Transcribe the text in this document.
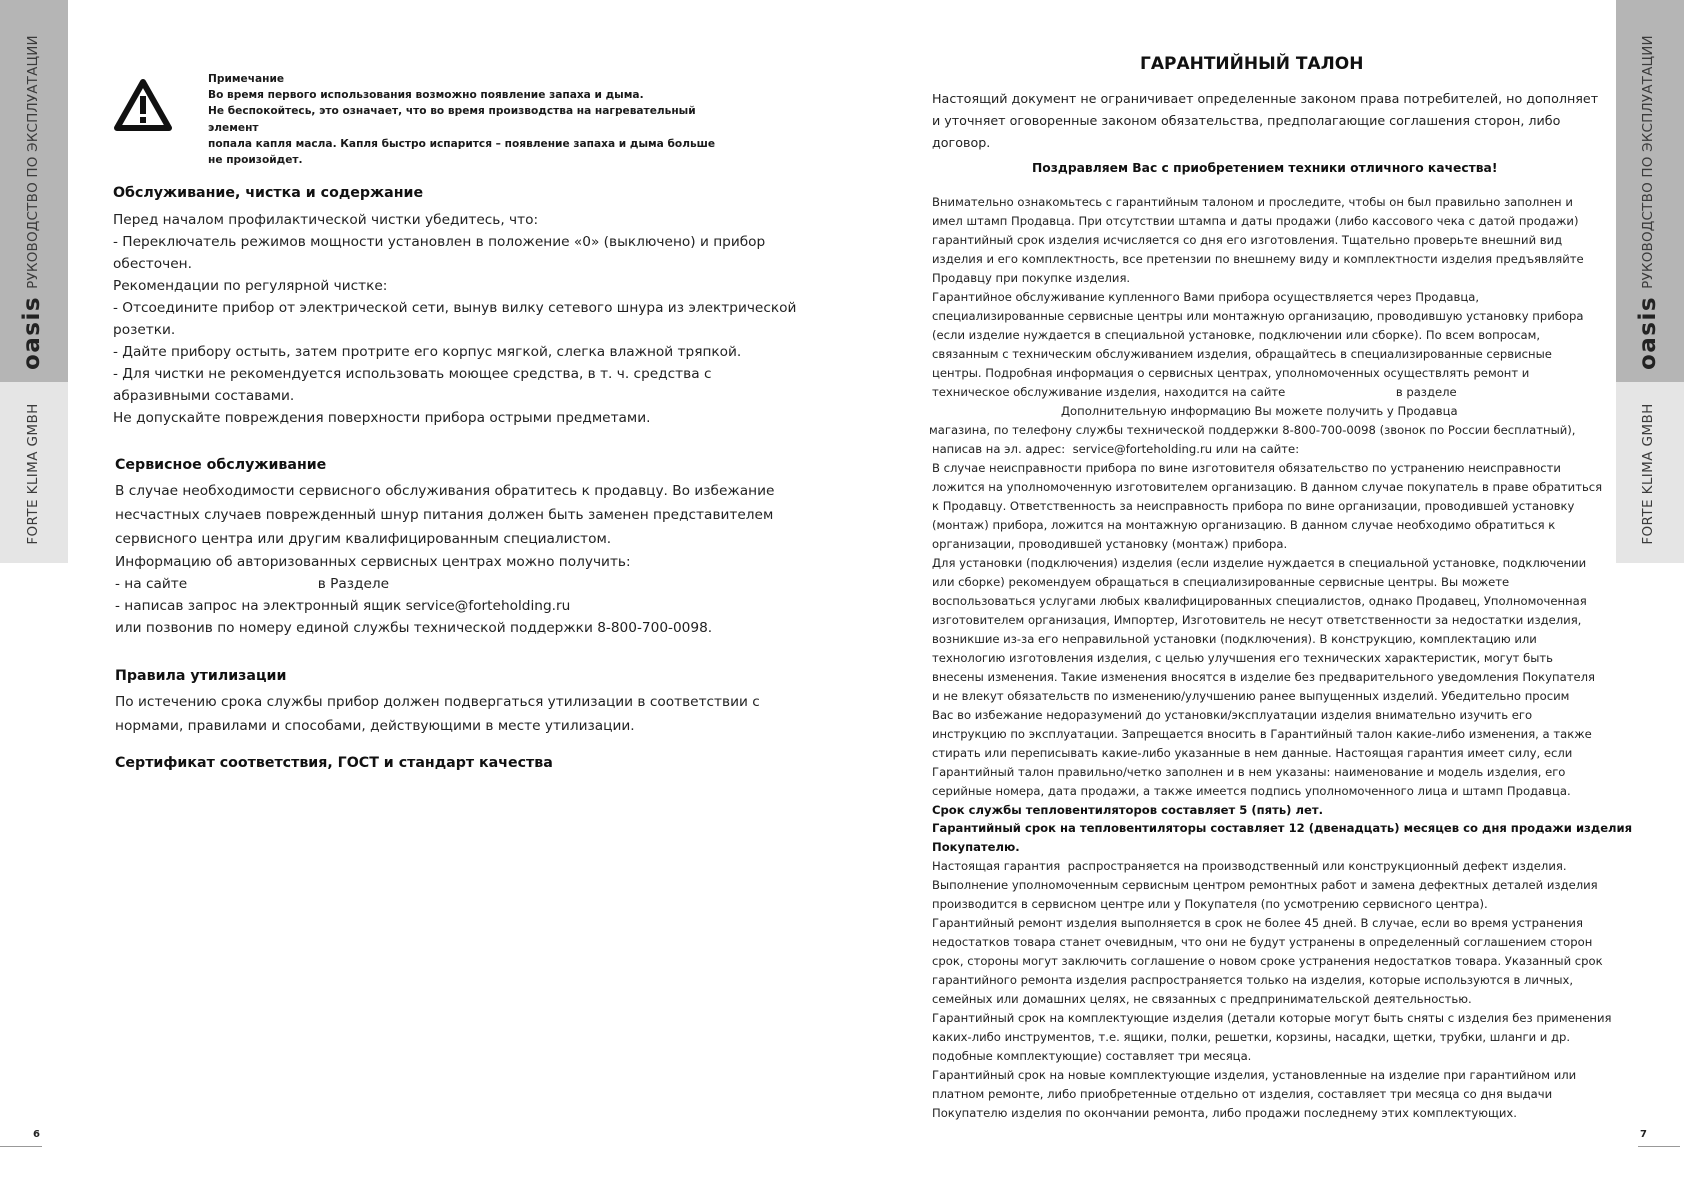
РУКОВОДСТВО ПО ЭКСПЛУАТАЦИИ
oasis
FORTE KLIMA GMBH
РУКОВОДСТВО ПО ЭКСПЛУАТАЦИИ
oasis
FORTE KLIMA GMBH
6	7
Примечание
Во время первого использования возможно появление запаха и дыма.
Не беспокойтесь, это означает, что во время производства на нагревательный элемент
попала капля масла. Капля быстро испарится – появление запаха и дыма больше
не произойдет.
Обслуживание, чистка и содержание

Перед началом профилактической чистки убедитесь, что:

- Переключатель режимов мощности установлен в положение «0» (выключено) и прибор

обесточен.

Рекомендации по регулярной чистке:

- Отсоедините прибор от электрической сети, вынув вилку сетевого шнура из электрической

розетки.

- Дайте прибору остыть, затем протрите его корпус мягкой, слегка влажной тряпкой.

- Для чистки не рекомендуется использовать моющее средства, в т. ч. средства с

абразивными составами.

Не допускайте повреждения поверхности прибора острыми предметами.

Сервисное обслуживание

В случае необходимости сервисного обслуживания обратитесь к продавцу. Во избежание

несчастных случаев поврежденный шнур питания должен быть заменен представителем

сервисного центра или другим квалифицированным специалистом.

Информацию об авторизованных сервисных центрах можно получить:

- на сайте                              в Разделе

- написав запрос на электронный ящик service@forteholding.ru

или позвонив по номеру единой службы технической поддержки 8-800-700-0098.

Правила утилизации

По истечению срока службы прибор должен подвергаться утилизации в соответствии с

нормами, правилами и способами, действующими в месте утилизации.

Сертификат соответствия, ГОСТ и стандарт качества
ГАРАНТИЙНЫЙ ТАЛОН

Настоящий документ не ограничивает определенные законом права потребителей, но дополняет

и уточняет оговоренные законом обязательства, предполагающие соглашения сторон, либо

договор.

Поздравляем Вас с приобретением техники отличного качества!

Внимательно ознакомьтесь с гарантийным талоном и проследите, чтобы он был правильно заполнен и

имел штамп Продавца. При отсутствии штампа и даты продажи (либо кассового чека с датой продажи)

гарантийный срок изделия исчисляется со дня его изготовления. Тщательно проверьте внешний вид

изделия и его комплектность, все претензии по внешнему виду и комплектности изделия предъявляйте

Продавцу при покупке изделия.

Гарантийное обслуживание купленного Вами прибора осуществляется через Продавца,

специализированные сервисные центры или монтажную организацию, проводившую установку прибора

(если изделие нуждается в специальной установке, подключении или сборке). По всем вопросам,

связанным с техническим обслуживанием изделия, обращайтесь в специализированные сервисные

центры. Подробная информация о сервисных центрах, уполномоченных осуществлять ремонт и

техническое обслуживание изделия, находится на сайте                              в разделе

Дополнительную информацию Вы можете получить у Продавца

магазина, по телефону службы технической поддержки 8-800-700-0098 (звонок по России бесплатный),

написав на эл. адрес:  service@forteholding.ru или на сайте:

В случае неисправности прибора по вине изготовителя обязательство по устранению неисправности

ложится на уполномоченную изготовителем организацию. В данном случае покупатель в праве обратиться

к Продавцу. Ответственность за неисправность прибора по вине организации, проводившей установку

(монтаж) прибора, ложится на монтажную организацию. В данном случае необходимо обратиться к

организации, проводившей установку (монтаж) прибора.

Для установки (подключения) изделия (если изделие нуждается в специальной установке, подключении

или сборке) рекомендуем обращаться в специализированные сервисные центры. Вы можете

воспользоваться услугами любых квалифицированных специалистов, однако Продавец, Уполномоченная

изготовителем организация, Импортер, Изготовитель не несут ответственности за недостатки изделия,

возникшие из-за его неправильной установки (подключения). В конструкцию, комплектацию или

технологию изготовления изделия, с целью улучшения его технических характеристик, могут быть

внесены изменения. Такие изменения вносятся в изделие без предварительного уведомления Покупателя

и не влекут обязательств по изменению/улучшению ранее выпущенных изделий. Убедительно просим

Вас во избежание недоразумений до установки/эксплуатации изделия внимательно изучить его

инструкцию по эксплуатации. Запрещается вносить в Гарантийный талон какие-либо изменения, а также

стирать или переписывать какие-либо указанные в нем данные. Настоящая гарантия имеет силу, если

Гарантийный талон правильно/четко заполнен и в нем указаны: наименование и модель изделия, его

серийные номера, дата продажи, а также имеется подпись уполномоченного лица и штамп Продавца.

Срок службы тепловентиляторов составляет 5 (пять) лет.

Гарантийный срок на тепловентиляторы составляет 12 (двенадцать) месяцев со дня продажи изделия

Покупателю.

Настоящая гарантия  распространяется на производственный или конструкционный дефект изделия.

Выполнение уполномоченным сервисным центром ремонтных работ и замена дефектных деталей изделия

производится в сервисном центре или у Покупателя (по усмотрению сервисного центра).

Гарантийный ремонт изделия выполняется в срок не более 45 дней. В случае, если во время устранения

недостатков товара станет очевидным, что они не будут устранены в определенный соглашением сторон

срок, стороны могут заключить соглашение о новом сроке устранения недостатков товара. Указанный срок

гарантийного ремонта изделия распространяется только на изделия, которые используются в личных,

семейных или домашних целях, не связанных с предпринимательской деятельностью.

Гарантийный срок на комплектующие изделия (детали которые могут быть сняты с изделия без применения

каких-либо инструментов, т.е. ящики, полки, решетки, корзины, насадки, щетки, трубки, шланги и др.

подобные комплектующие) составляет три месяца.

Гарантийный срок на новые комплектующие изделия, установленные на изделие при гарантийном или

платном ремонте, либо приобретенные отдельно от изделия, составляет три месяца со дня выдачи

Покупателю изделия по окончании ремонта, либо продажи последнему этих комплектующих.
